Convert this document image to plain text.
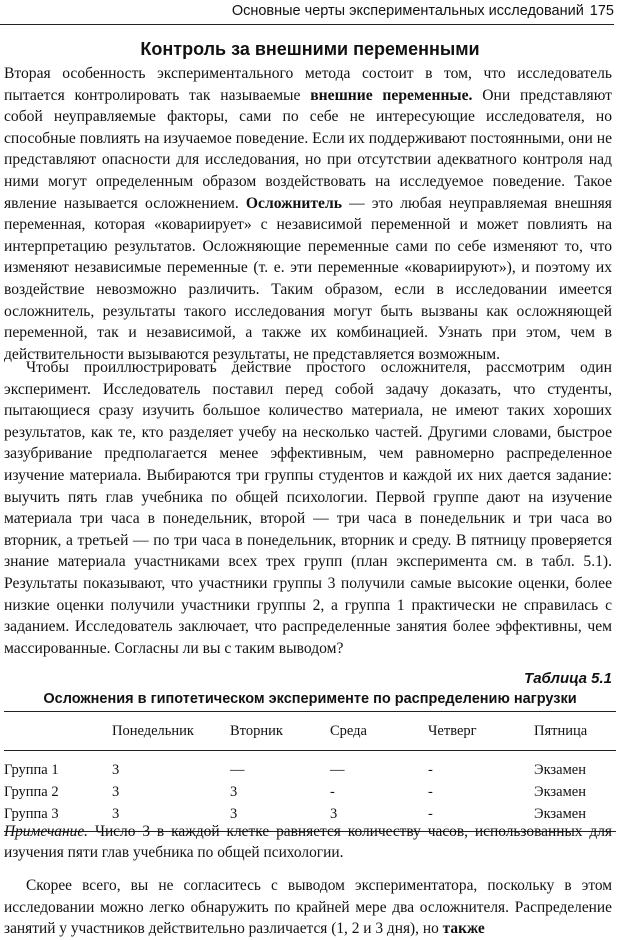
Основные черты экспериментальных исследований 175
Контроль за внешними переменными

Вторая особенность экспериментального метода состоит в том, что исследователь пытается контролировать так называемые внешние переменные. Они представляют собой неуправляемые факторы, сами по себе не интересующие исследователя, но способные повлиять на изучаемое поведение. Если их поддерживают постоянными, они не представляют опасности для исследования, но при отсутствии адекватного контроля над ними могут определенным образом воздействовать на исследуемое поведение. Такое явление называется осложнением. Осложнитель — это любая неуправляемая внешняя переменная, которая «ковариирует» с независимой переменной и может повлиять на интерпретацию результатов. Осложняющие переменные сами по себе изменяют то, что изменяют независимые переменные (т. е. эти переменные «ковариируют»), и поэтому их воздействие невозможно различить. Таким образом, если в исследовании имеется осложнитель, результаты такого исследования могут быть вызваны как осложняющей переменной, так и независимой, а также их комбинацией. Узнать при этом, чем в действительности вызываются результаты, не представляется возможным.

Чтобы проиллюстрировать действие простого осложнителя, рассмотрим один эксперимент. Исследователь поставил перед собой задачу доказать, что студенты, пытающиеся сразу изучить большое количество материала, не имеют таких хороших результатов, как те, кто разделяет учебу на несколько частей. Другими словами, быстрое зазубривание предполагается менее эффективным, чем равномерно распределенное изучение материала. Выбираются три группы студентов и каждой их них дается задание: выучить пять глав учебника по общей психологии. Первой группе дают на изучение материала три часа в понедельник, второй — три часа в понедельник и три часа во вторник, а третьей — по три часа в понедельник, вторник и среду. В пятницу проверяется знание материала участниками всех трех групп (план эксперимента см. в табл. 5.1). Результаты показывают, что участники группы 3 получили самые высокие оценки, более низкие оценки получили участники группы 2, а группа 1 практически не справилась с заданием. Исследователь заключает, что распределенные занятия более эффективны, чем массированные. Согласны ли вы с таким выводом?

Таблица 5.1
Осложнения в гипотетическом эксперименте по распределению нагрузки
	Понедельник	Вторник	Среда	Четверг	Пятница
Группа 1	3	—	—	-	Экзамен
Группа 2	3	3	-	-	Экзамен
Группа 3	3	3	3	-	Экзамен

Примечание. Число 3 в каждой клетке равняется количеству часов, использованных для изучения пяти глав учебника по общей психологии.

Скорее всего, вы не согласитесь с выводом экспериментатора, поскольку в этом исследовании можно легко обнаружить по крайней мере два осложнителя. Распределение занятий у участников действительно различается (1, 2 и 3 дня), но также
